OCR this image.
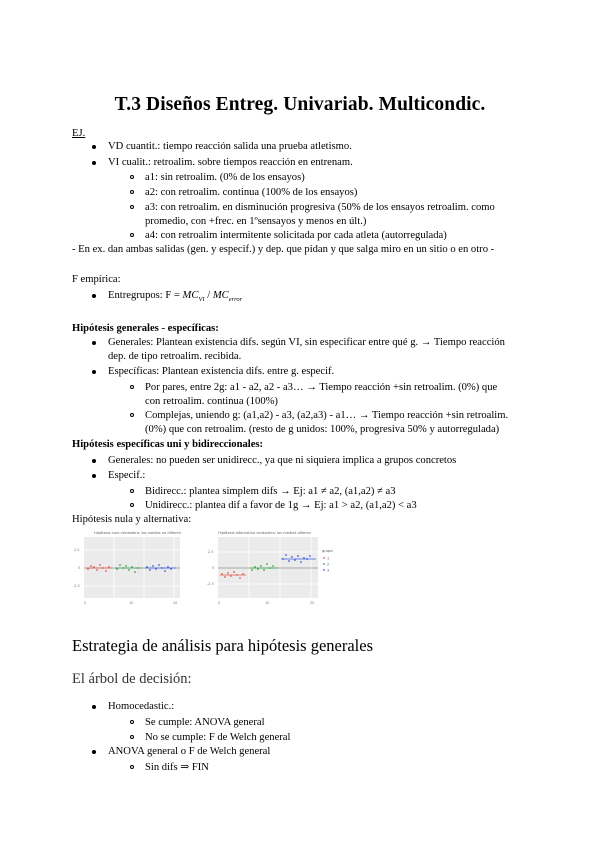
T.3 Diseños Entreg. Univariab. Multicondic.
EJ.
VD cuantit.: tiempo reacción salida una prueba atletismo.
VI cualit.: retroalim. sobre tiempos reacción en entrenam.
a1: sin retroalim. (0% de los ensayos)
a2: con retroalim. continua (100% de los ensayos)
a3: con retroalim. en disminución progresiva (50% de los ensayos retroalim. como
promedio, con +frec. en 1ºsensayos y menos en últ.)
a4: con retroalim intermitente solicitada por cada atleta (autorregulada)
- En ex. dan ambas salidas (gen. y especif.) y dep. que pidan y que salga miro en un sitio o en otro -
F empírica:
Entregrupos: $F = MC_{VI} / MC_{error}$
Hipótesis generales - específicas:
Generales: Plantean existencia difs. según VI, sin especificar entre qué g. → Tiempo reacción
dep. de tipo retroalim. recibida.
Específicas: Plantean existencia difs. entre g. especif.
Por pares, entre 2g: a1 - a2, a2 - a3… → Tiempo reacción +sin retroalim. (0%) que
con retroalim. continua (100%)
Complejas, uniendo g: (a1,a2) - a3, (a2,a3) - a1… → Tiempo reacción +sin retroalim.
(0%) que con retroalim. (resto de g unidos: 100%, progresiva 50% y autorregulada)
Hipótesis específicas uni y bidireccionales:
Generales: no pueden ser unidirecc., ya que ni siquiera implica a grupos concretos
Especif.:
Bidirecc.: plantea simplem difs → Ej: a1 ≠ a2, (a1,a2) ≠ a3
Unidirecc.: plantea dif a favor de 1g → Ej: a1 > a2, (a1,a2) < a3
Hipótesis nula y alternativa:
Hipótesis nula verdadera: las medias no difieren
2.5
0
-2.5
0	10	20
Hipótesis alternativa verdadera: las medias difieren
2.5
0
-2.5
0	10	20
grupo
1
2
3
Estrategia de análisis para hipótesis generales
El árbol de decisión:
Homocedastic.:
Se cumple: ANOVA general
No se cumple: F de Welch general
ANOVA general o F de Welch general
Sin difs ⇒ FIN
